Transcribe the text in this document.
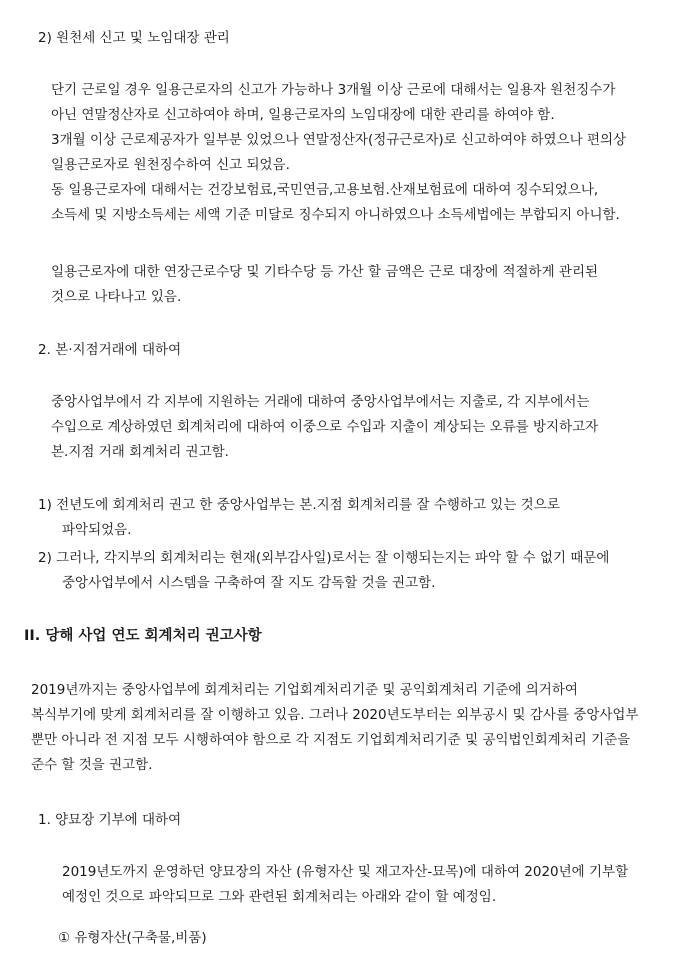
2) 원천세 신고 및 노임대장 관리
단기 근로일 경우 일용근로자의 신고가 가능하나 3개월 이상 근로에 대해서는 일용자 원천징수가
아닌 연말정산자로 신고하여야 하며, 일용근로자의 노임대장에 대한 관리를 하여야 함.
3개월 이상 근로제공자가 일부분 있었으나 연말정산자(정규근로자)로 신고하여야 하였으나 편의상
일용근로자로 원천징수하여 신고 되었음.
동 일용근로자에 대해서는 건강보험료,국민연금,고용보험.산재보험료에 대하여 징수되었으나,
소득세 및 지방소득세는 세액 기준 미달로 징수되지 아니하였으나 소득세법에는 부합되지 아니함.
일용근로자에 대한 연장근로수당 및 기타수당 등 가산 할 금액은 근로 대장에 적절하게 관리된
것으로 나타나고 있음.
2. 본·지점거래에 대하여
중앙사업부에서 각 지부에 지원하는 거래에 대하여 중앙사업부에서는 지출로, 각 지부에서는
수입으로 계상하였던 회계처리에 대하여 이중으로 수입과 지출이 계상되는 오류를 방지하고자
본.지점 거래 회계처리 권고함.
1) 전년도에 회계처리 권고 한 중앙사업부는 본.지점 회계처리를 잘 수행하고 있는 것으로
파악되었음.
2) 그러나, 각지부의 회계처리는 현재(외부감사일)로서는 잘 이행되는지는 파악 할 수 없기 때문에
중앙사업부에서 시스템을 구축하여 잘 지도 감독할 것을 권고함.
II. 당해 사업 연도 회계처리 권고사항
2019년까지는 중앙사업부에 회계처리는 기업회계처리기준 및 공익회계처리 기준에 의거하여
복식부기에 맞게 회계처리를 잘 이행하고 있음. 그러나 2020년도부터는 외부공시 및 감사를 중앙사업부
뿐만 아니라 전 지점 모두 시행하여야 함으로 각 지점도 기업회계처리기준 및 공익법인회계처리 기준을
준수 할 것을 권고함.
1. 양묘장 기부에 대하여
2019년도까지 운영하던 양묘장의 자산 (유형자산 및 재고자산-묘목)에 대하여 2020년에 기부할
예정인 것으로 파악되므로 그와 관련된 회계처리는 아래와 같이 할 예정임.
① 유형자산(구축물,비품)
